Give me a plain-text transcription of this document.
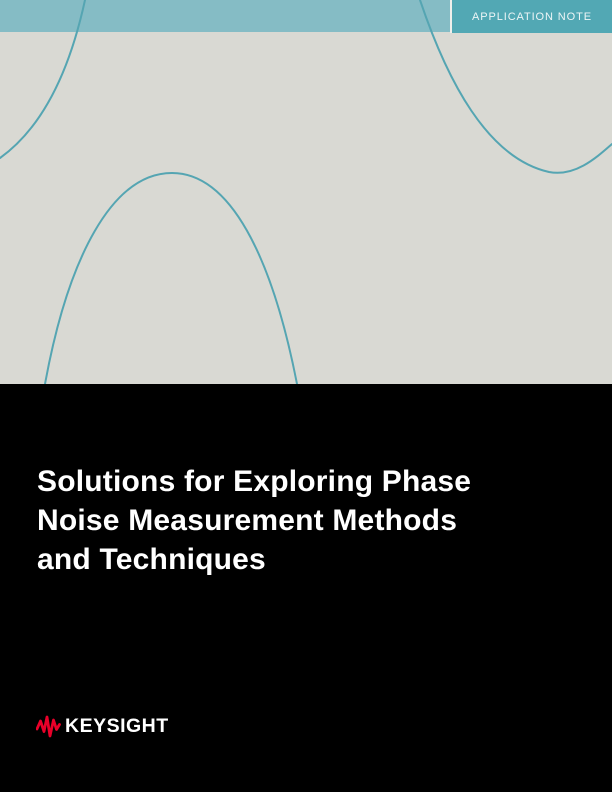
APPLICATION NOTE
Solutions for Exploring Phase
Noise Measurement Methods
and Techniques
KEYSIGHT
